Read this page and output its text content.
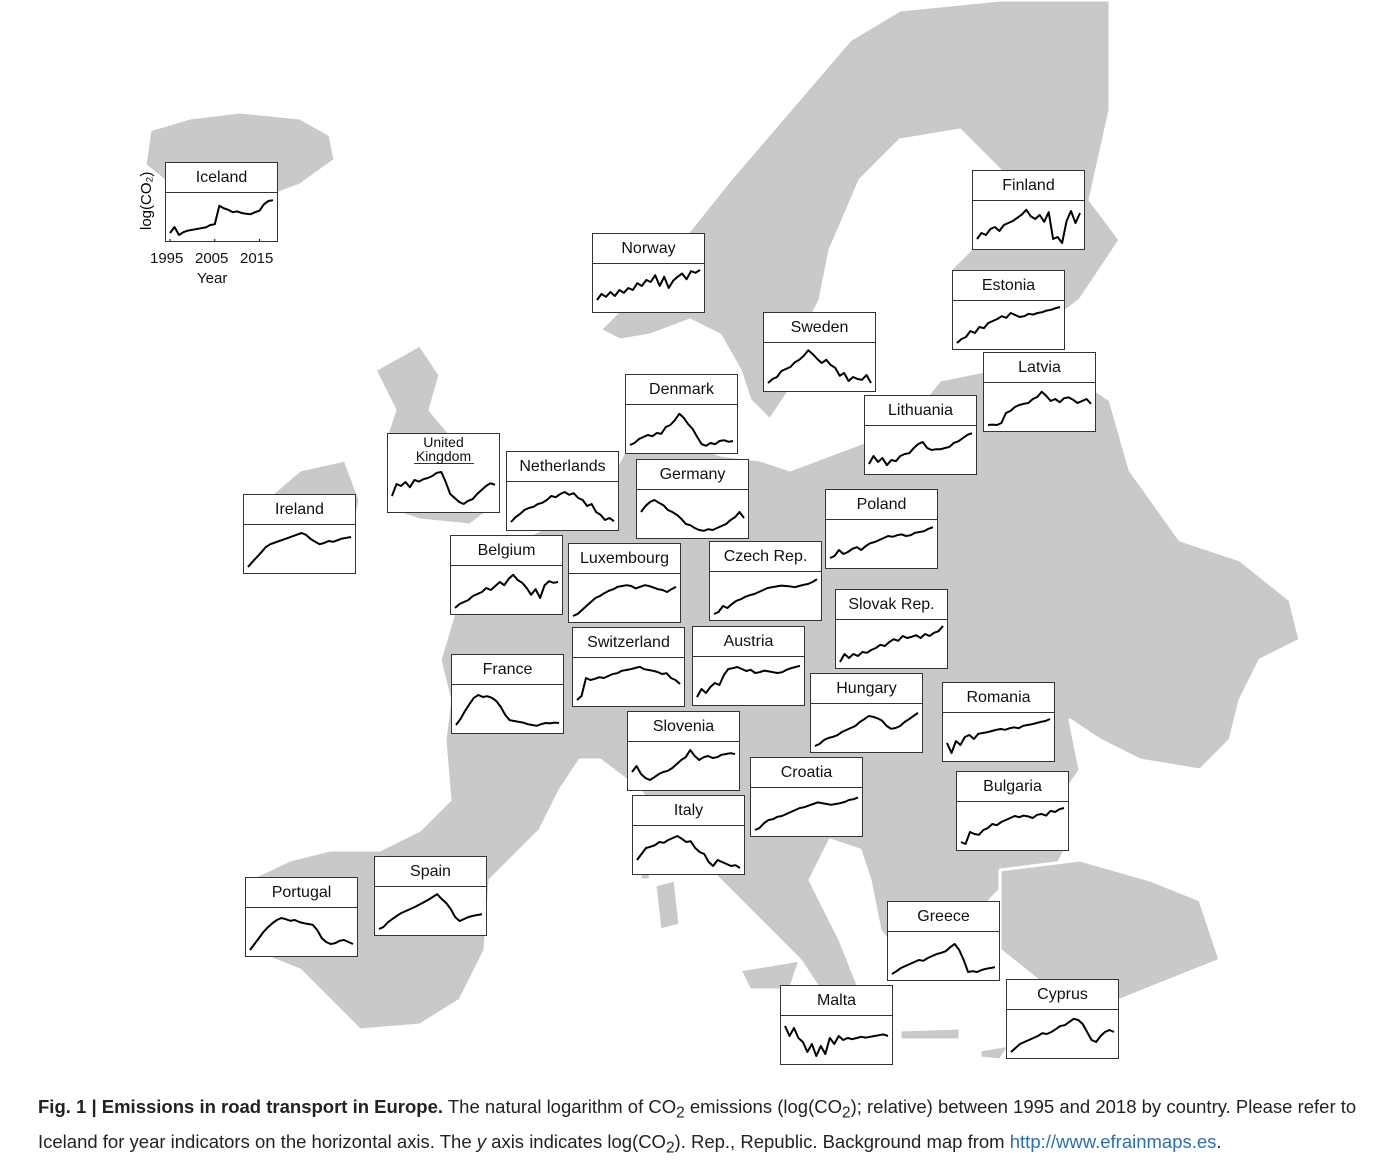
log(CO₂)
1995 2005 2015
Year
Iceland	Finland
Norway
Estonia
Sweden
Latvia
Denmark
Lithuania
United Kingdom
Netherlands	Germany
Ireland
Belgium	Luxembourg	Czech Rep.
Poland
Slovak Rep.
Switzerland	Austria
France
Hungary
Romania
Slovenia
Croatia
Bulgaria
Italy
Portugal
Spain
Greece
Malta	Cyprus
Fig. 1 | Emissions in road transport in Europe. The natural logarithm of $CO_2$ emissions ($\log(CO_2)$; relative) between 1995 and 2018 by country. Please refer to Iceland for year indicators on the horizontal axis. The y axis indicates $\log(CO_2)$. Rep., Republic. Background map from http://www.efrainmaps.es.
